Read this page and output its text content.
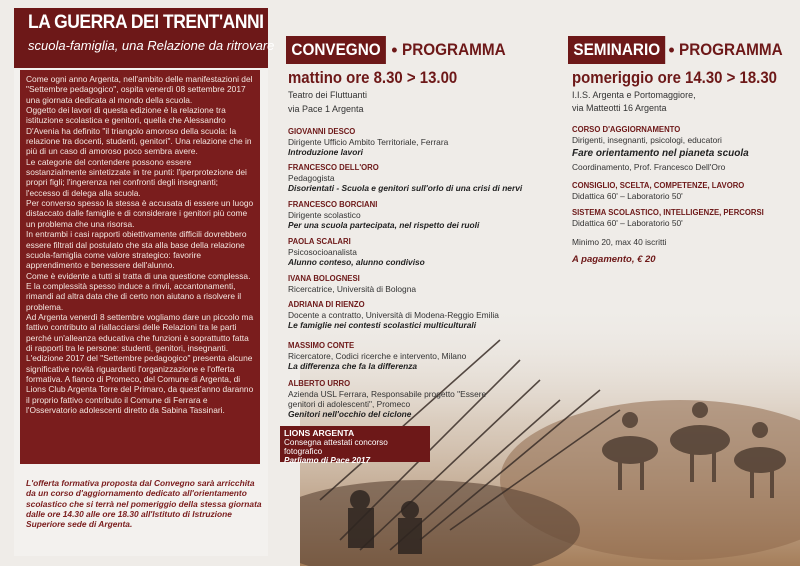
LA GUERRA DEI TRENT'ANNI
scuola-famiglia, una Relazione da ritrovare

Come ogni anno Argenta, nell'ambito delle manifestazioni del "Settembre pedagogico", ospita venerdì 08 settembre 2017 una giornata dedicata al mondo della scuola.

Oggetto dei lavori di questa edizione è la relazione tra istituzione scolastica e genitori, quella che Alessandro D'Avenia ha definito "il triangolo amoroso della scuola: la relazione tra docenti, studenti, genitori". Una relazione che in più di un caso di amoroso poco sembra avere.

Le categorie del contendere possono essere sostanzialmente sintetizzate in tre punti: l'iperprotezione dei propri figli; l'ingerenza nei confronti degli insegnanti; l'eccesso di delega alla scuola.

Per converso spesso la stessa è accusata di essere un luogo distaccato dalle famiglie e di considerare i genitori più come un problema che una risorsa.

In entrambi i casi rapporti obiettivamente difficili dovrebbero essere filtrati dal postulato che sta alla base della relazione scuola-famiglia come valore strategico: favorire apprendimento e benessere dell'alunno.

Come è evidente a tutti si tratta di una questione complessa. E la complessità spesso induce a rinvii, accantonamenti, rimandi ad altra data che di certo non aiutano a risolvere il problema.

Ad Argenta venerdì 8 settembre vogliamo dare un piccolo ma fattivo contributo al riallacciarsi delle Relazioni tra le parti perché un'alleanza educativa che funzioni è soprattutto fatta di rapporti tra le persone: studenti, genitori, insegnanti.

L'edizione 2017 del "Settembre pedagogico" presenta alcune significative novità riguardanti l'organizzazione e l'offerta formativa. A fianco di Promeco, del Comune di Argenta, di Lions Club Argenta Torre del Primaro, da quest'anno daranno il proprio fattivo contributo il Comune di Ferrara e l'Osservatorio adolescenti diretto da Sabina Tassinari.

L'offerta formativa proposta dal Convegno sarà arricchita da un corso d'aggiornamento dedicato all'orientamento scolastico che si terrà nel pomeriggio della stessa giornata dalle ore 14.30 alle ore 18.30 all'Istituto di Istruzione Superiore sede di Argenta.
CONVEGNO • PROGRAMMA
mattino ore 8.30 > 13.00
Teatro dei Fluttuanti
via Pace 1 Argenta
GIOVANNI DESCO
Dirigente Ufficio Ambito Territoriale, Ferrara
Introduzione lavori
FRANCESCO DELL'ORO
Pedagogista
Disorientati - Scuola e genitori sull'orlo di una crisi di nervi
FRANCESCO BORCIANI
Dirigente scolastico
Per una scuola partecipata, nel rispetto dei ruoli
PAOLA SCALARI
Psicosocioanalista
Alunno conteso, alunno condiviso
IVANA BOLOGNESI
Ricercatrice, Università di Bologna
ADRIANA DI RIENZO
Docente a contratto, Università di Modena-Reggio Emilia
Le famiglie nei contesti scolastici multiculturali
MASSIMO CONTE
Ricercatore, Codici ricerche e intervento, Milano
La differenza che fa la differenza
ALBERTO URRO
Azienda USL Ferrara, Responsabile progetto "Essere genitori di adolescenti", Promeco
Genitori nell'occhio del ciclone
LIONS ARGENTA
Consegna attestati concorso fotografico
Parliamo di Pace 2017
SEMINARIO • PROGRAMMA
pomeriggio ore 14.30 > 18.30
I.I.S. Argenta e Portomaggiore,
via Matteotti 16 Argenta
CORSO D'AGGIORNAMENTO
Dirigenti, insegnanti, psicologi, educatori
Fare orientamento nel pianeta scuola
Coordinamento, Prof. Francesco Dell'Oro
CONSIGLIO, SCELTA, COMPETENZE, LAVORO
Didattica 60' – Laboratorio 50'
SISTEMA SCOLASTICO, INTELLIGENZE, PERCORSI
Didattica 60' – Laboratorio 50'
Minimo 20, max 40 iscritti
A pagamento, € 20
